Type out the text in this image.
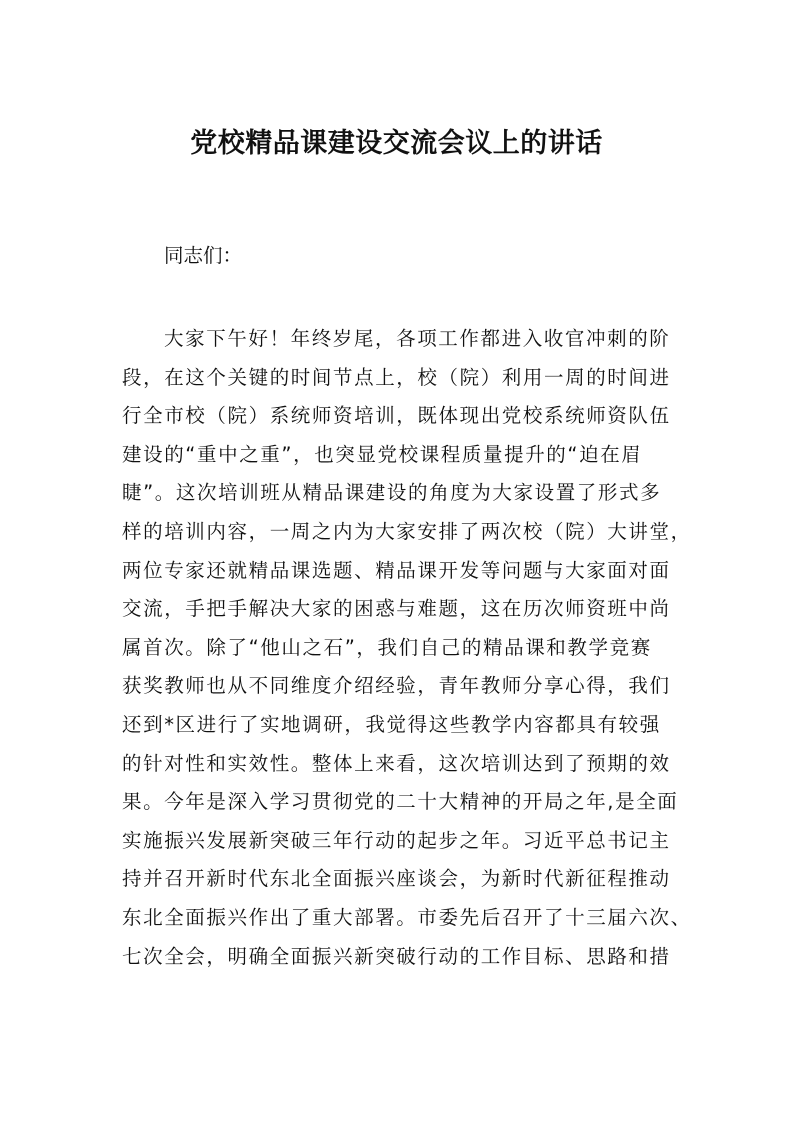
党校精品课建设交流会议上的讲话

同志们：

大家下午好！年终岁尾，各项工作都进入收官冲刺的阶
段，在这个关键的时间节点上，校（院）利用一周的时间进
行全市校（院）系统师资培训，既体现出党校系统师资队伍
建设的“重中之重”，也突显党校课程质量提升的“迫在眉
睫”。这次培训班从精品课建设的角度为大家设置了形式多
样的培训内容，一周之内为大家安排了两次校（院）大讲堂，
两位专家还就精品课选题、精品课开发等问题与大家面对面
交流，手把手解决大家的困惑与难题，这在历次师资班中尚
属首次。除了“他山之石”，我们自己的精品课和教学竞赛
获奖教师也从不同维度介绍经验，青年教师分享心得，我们
还到*区进行了实地调研，我觉得这些教学内容都具有较强
的针对性和实效性。整体上来看，这次培训达到了预期的效
果。今年是深入学习贯彻党的二十大精神的开局之年,是全面
实施振兴发展新突破三年行动的起步之年。习近平总书记主
持并召开新时代东北全面振兴座谈会，为新时代新征程推动
东北全面振兴作出了重大部署。市委先后召开了十三届六次、
七次全会，明确全面振兴新突破行动的工作目标、思路和措
